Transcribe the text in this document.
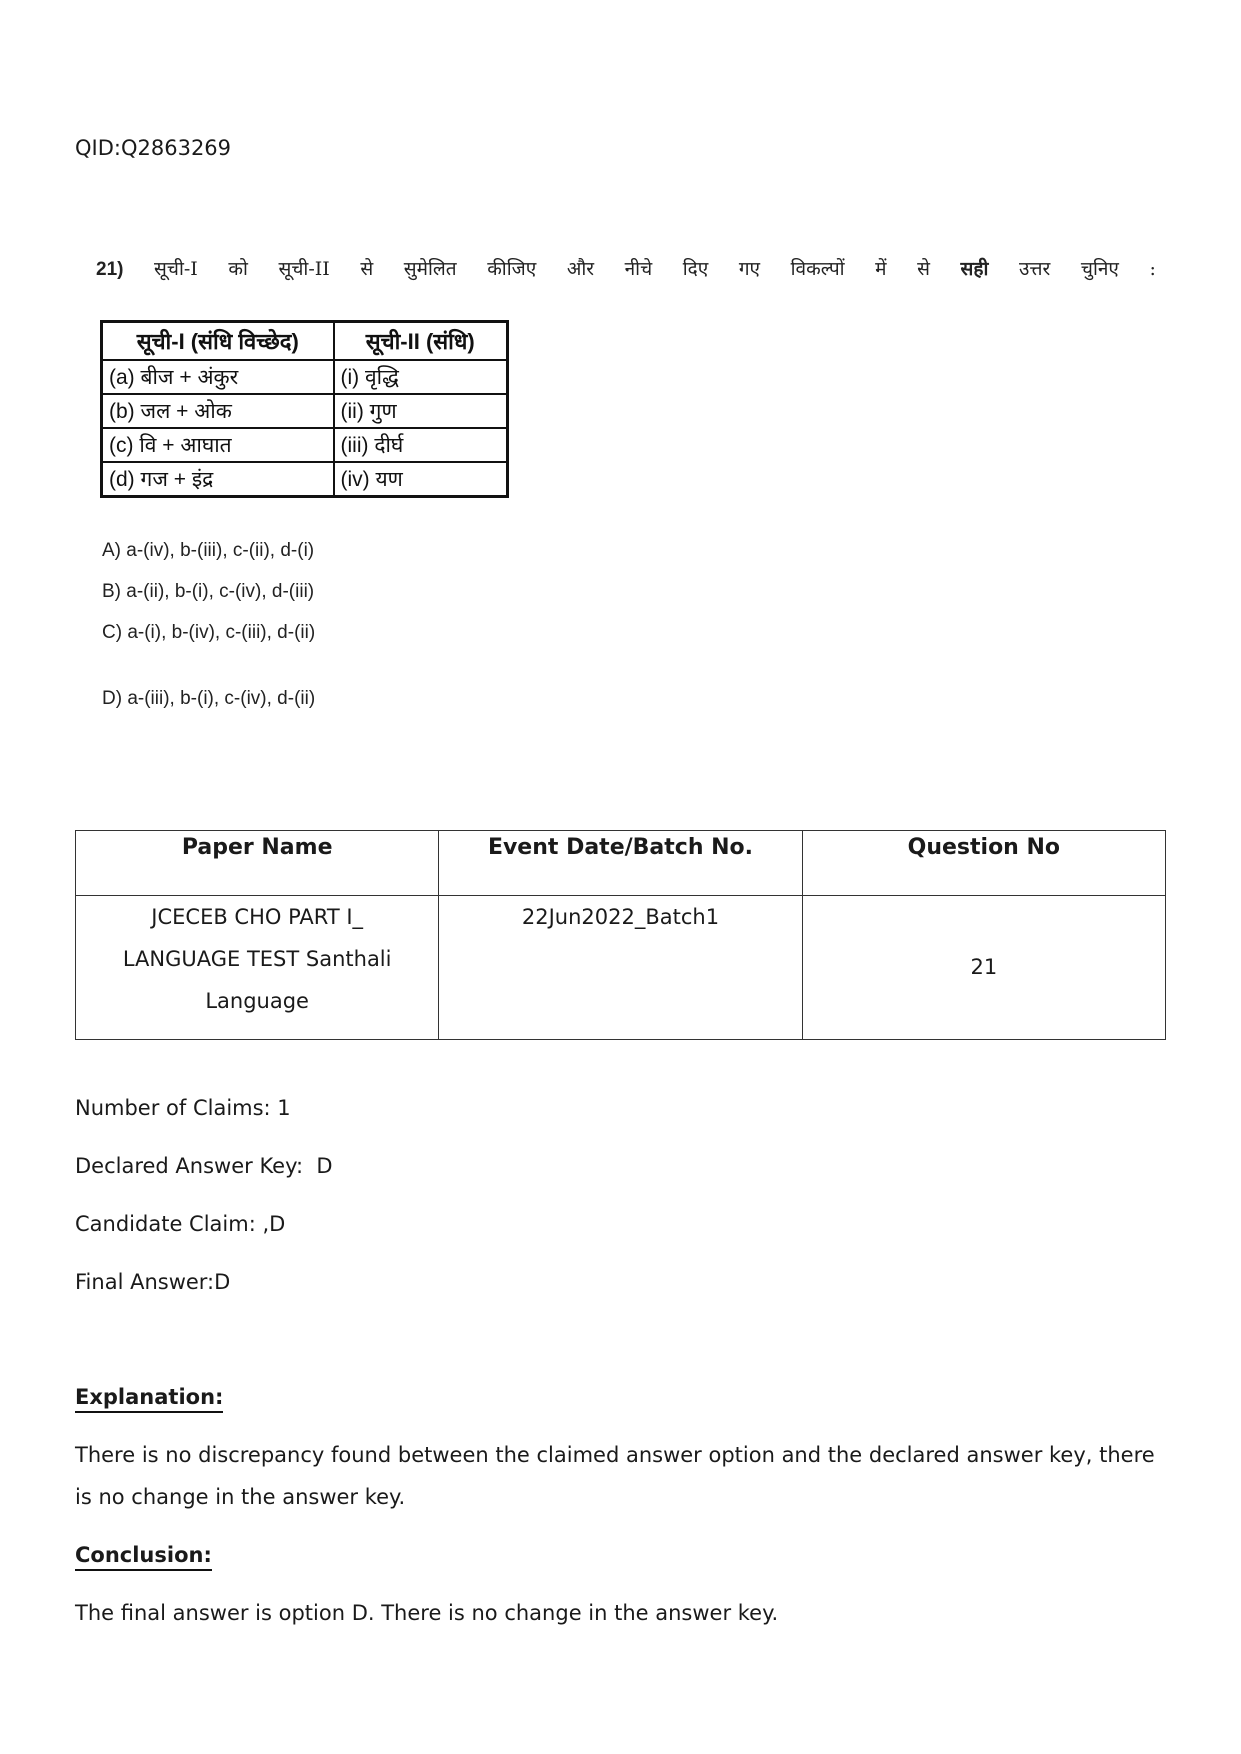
QID:Q2863269
21) सूची-I को सूची-II से सुमेलित कीजिए और नीचे दिए गए विकल्पों में से सही उत्तर चुनिए :
सूची-I (संधि विच्छेद)	सूची-II (संधि)
(a) बीज + अंकुर	(i) वृद्धि
(b) जल + ओक	(ii) गुण
(c) वि + आघात	(iii) दीर्घ
(d) गज + इंद्र	(iv) यण
A) a-(iv), b-(iii), c-(ii), d-(i)
B) a-(ii), b-(i), c-(iv), d-(iii)
C) a-(i), b-(iv), c-(iii), d-(ii)
D) a-(iii), b-(i), c-(iv), d-(ii)
Paper Name	Event Date/Batch No.	Question No

JCECEB CHO PART I_
LANGUAGE TEST Santhali
Language	22Jun2022_Batch1	21
Number of Claims: 1
Declared Answer Key:  D
Candidate Claim: ,D
Final Answer:D
Explanation:
There is no discrepancy found between the claimed answer option and the declared answer key, there is no change in the answer key.
Conclusion:
The final answer is option D. There is no change in the answer key.
